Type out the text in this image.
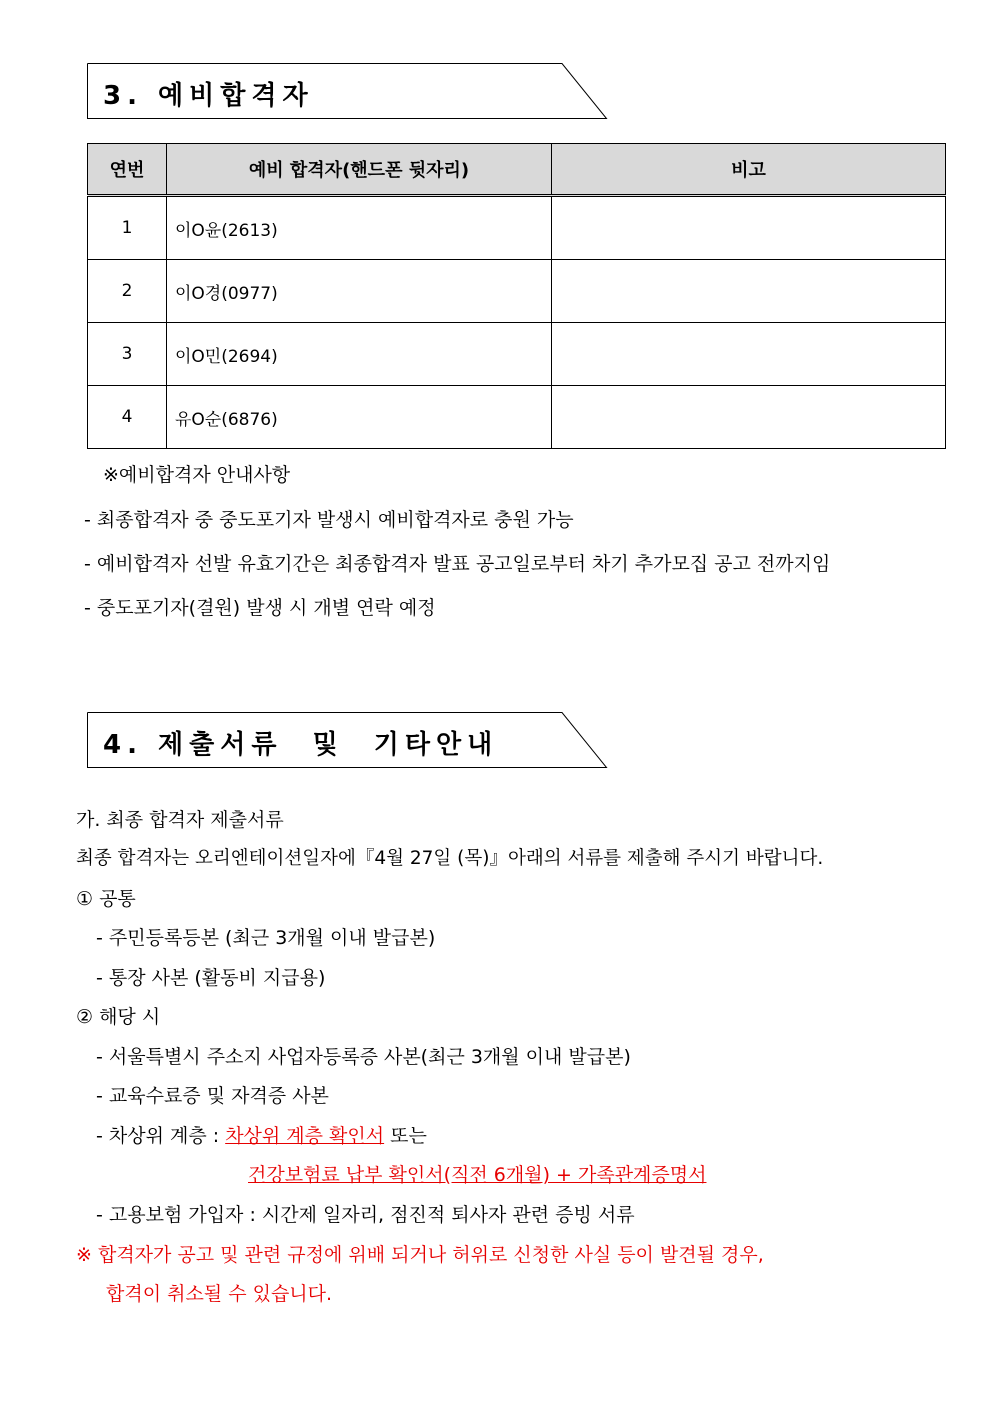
3. 예비합격자
연번	예비 합격자(핸드폰 뒷자리)	비고
1	이O윤(2613)	
2	이O경(0977)	
3	이O민(2694)	
4	유O순(6876)	
※예비합격자 안내사항
- 최종합격자 중 중도포기자 발생시 예비합격자로 충원 가능
- 예비합격자 선발 유효기간은 최종합격자 발표 공고일로부터 차기 추가모집 공고 전까지임
- 중도포기자(결원) 발생 시 개별 연락 예정
4. 제출서류  및  기타안내
가. 최종 합격자 제출서류
최종 합격자는 오리엔테이션일자에『4월 27일 (목)』아래의 서류를 제출해 주시기 바랍니다.
① 공통
- 주민등록등본 (최근 3개월 이내 발급본)
- 통장 사본 (활동비 지급용)
② 해당 시
- 서울특별시 주소지 사업자등록증 사본(최근 3개월 이내 발급본)
- 교육수료증 및 자격증 사본
- 차상위 계층 : 차상위 계층 확인서 또는
건강보험료 납부 확인서(직전 6개월) + 가족관계증명서
- 고용보험 가입자 : 시간제 일자리, 점진적 퇴사자 관련 증빙 서류
※ 합격자가 공고 및 관련 규정에 위배 되거나 허위로 신청한 사실 등이 발견될 경우,
합격이 취소될 수 있습니다.
